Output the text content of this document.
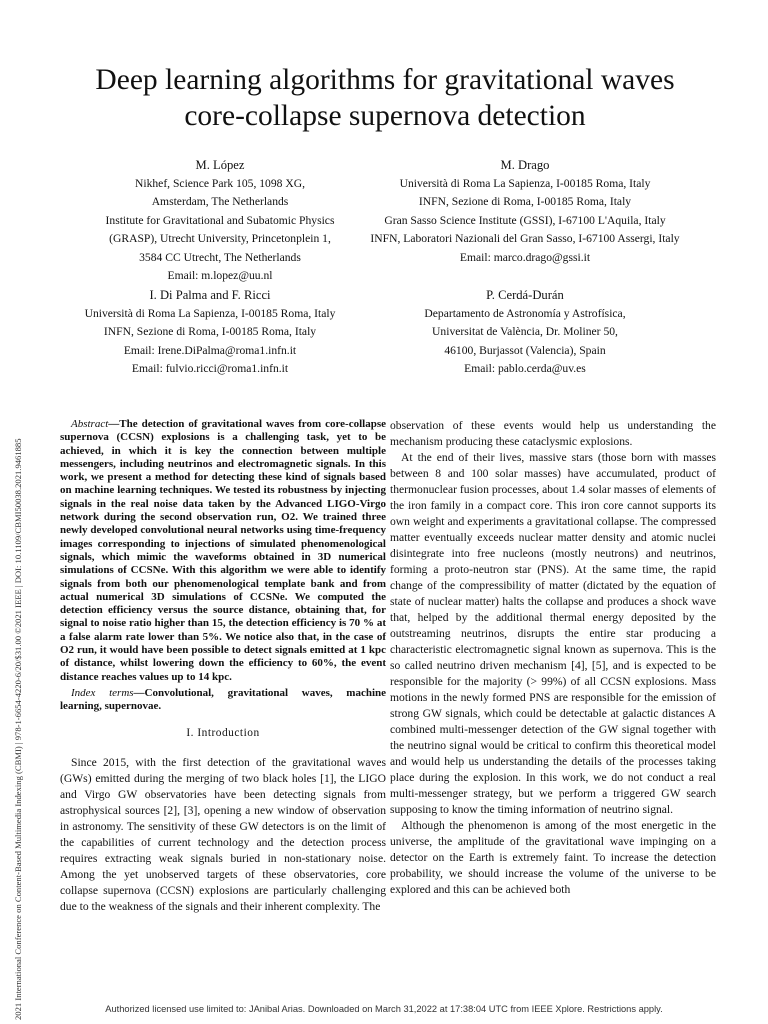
2021 International Conference on Content-Based Multimedia Indexing (CBMI) | 978-1-6654-4220-6/20/$31.00 ©2021 IEEE | DOI: 10.1109/CBMI50038.2021.9461885
Deep learning algorithms for gravitational waves
core-collapse supernova detection
M. López
Nikhef, Science Park 105, 1098 XG,
Amsterdam, The Netherlands
Institute for Gravitational and Subatomic Physics
(GRASP), Utrecht University, Princetonplein 1,
3584 CC Utrecht, The Netherlands
Email: m.lopez@uu.nl
M. Drago
Università di Roma La Sapienza, I-00185 Roma, Italy
INFN, Sezione di Roma, I-00185 Roma, Italy
Gran Sasso Science Institute (GSSI), I-67100 L'Aquila, Italy
INFN, Laboratori Nazionali del Gran Sasso, I-67100 Assergi, Italy
Email: marco.drago@gssi.it
I. Di Palma and F. Ricci
Università di Roma La Sapienza, I-00185 Roma, Italy
INFN, Sezione di Roma, I-00185 Roma, Italy
Email: Irene.DiPalma@roma1.infn.it
Email: fulvio.ricci@roma1.infn.it
P. Cerdá-Durán
Departamento de Astronomía y Astrofísica,
Universitat de València, Dr. Moliner 50,
46100, Burjassot (Valencia), Spain
Email: pablo.cerda@uv.es

Abstract—The detection of gravitational waves from core-collapse supernova (CCSN) explosions is a challenging task, yet to be achieved, in which it is key the connection between multiple messengers, including neutrinos and electromagnetic signals. In this work, we present a method for detecting these kind of signals based on machine learning techniques. We tested its robustness by injecting signals in the real noise data taken by the Advanced LIGO-Virgo network during the second observation run, O2. We trained three newly developed convolutional neural networks using time-frequency images corresponding to injections of simulated phenomenological signals, which mimic the waveforms obtained in 3D numerical simulations of CCSNe. With this algorithm we were able to identify signals from both our phenomenological template bank and from actual numerical 3D simulations of CCSNe. We computed the detection efficiency versus the source distance, obtaining that, for signal to noise ratio higher than 15, the detection efficiency is 70 % at a false alarm rate lower than 5%. We notice also that, in the case of O2 run, it would have been possible to detect signals emitted at 1 kpc of distance, whilst lowering down the efficiency to 60%, the event distance reaches values up to 14 kpc.

Index terms—Convolutional, gravitational waves, machine learning, supernovae.

I. Introduction

Since 2015, with the first detection of the gravitational waves (GWs) emitted during the merging of two black holes [1], the LIGO and Virgo GW observatories have been detecting signals from astrophysical sources [2], [3], opening a new window of observation in astronomy. The sensitivity of these GW detectors is on the limit of the capabilities of current technology and the detection process requires extracting weak signals buried in non-stationary noise. Among the yet unobserved targets of these observatories, core collapse supernova (CCSN) explosions are particularly challenging due to the weakness of the signals and their inherent complexity. The

observation of these events would help us understanding the mechanism producing these cataclysmic explosions.

At the end of their lives, massive stars (those born with masses between 8 and 100 solar masses) have accumulated, product of thermonuclear fusion processes, about 1.4 solar masses of elements of the iron family in a compact core. This iron core cannot supports its own weight and experiments a gravitational collapse. The compressed matter eventually exceeds nuclear matter density and atomic nuclei disintegrate into free nucleons (mostly neutrons) and neutrinos, forming a proto-neutron star (PNS). At the same time, the rapid change of the compressibility of matter (dictated by the equation of state of nuclear matter) halts the collapse and produces a shock wave that, helped by the additional thermal energy deposited by the outstreaming neutrinos, disrupts the entire star producing a characteristic electromagnetic signal known as supernova. This is the so called neutrino driven mechanism [4], [5], and is expected to be responsible for the majority (> 99%) of all CCSN explosions. Mass motions in the newly formed PNS are responsible for the emission of strong GW signals, which could be detectable at galactic distances A combined multi-messenger detection of the GW signal together with the neutrino signal would be critical to confirm this theoretical model and would help us understanding the details of the processes taking place during the explosion. In this work, we do not conduct a real multi-messenger strategy, but we perform a triggered GW search supposing to know the timing information of neutrino signal.

Although the phenomenon is among of the most energetic in the universe, the amplitude of the gravitational wave impinging on a detector on the Earth is extremely faint. To increase the detection probability, we should increase the volume of the universe to be explored and this can be achieved both

Authorized licensed use limited to: JAnibal Arias. Downloaded on March 31,2022 at 17:38:04 UTC from IEEE Xplore. Restrictions apply.
